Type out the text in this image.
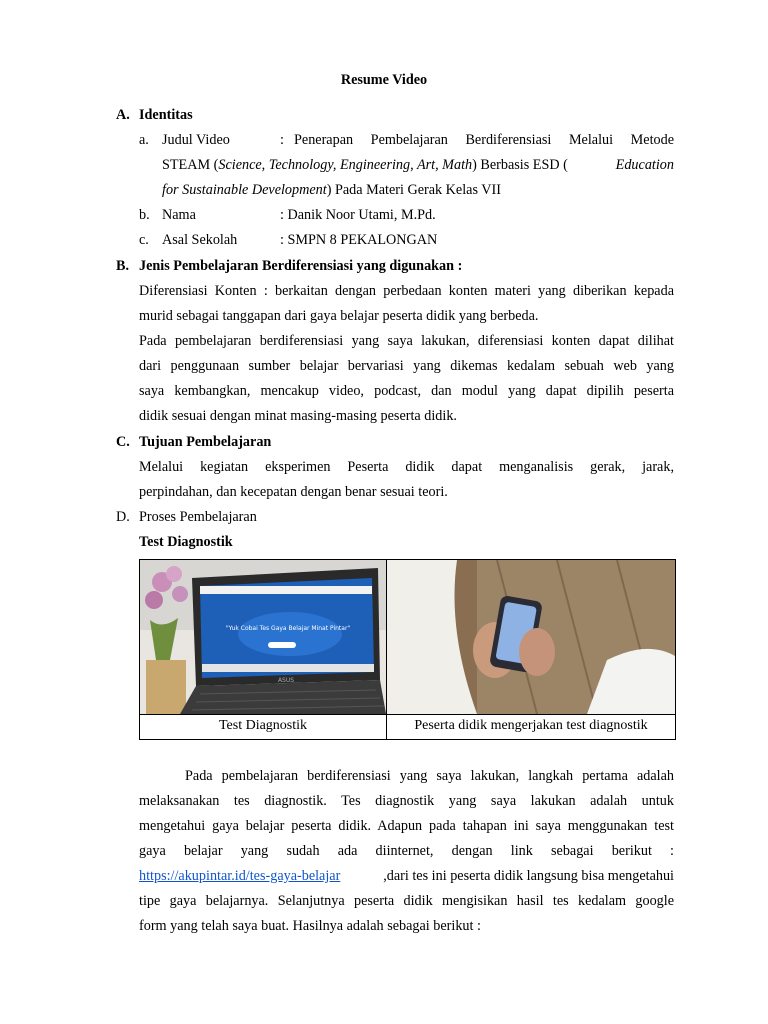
Resume Video
A. Identitas
a. Judul Video	: Penerapan Pembelajaran Berdiferensiasi Melalui Metode
STEAM (Science, Technology, Engineering, Art, Math) Berbasis ESD (	Education
for Sustainable Development) Pada Materi Gerak Kelas VII
b. Nama	: Danik Noor Utami, M.Pd.
c. Asal Sekolah	: SMPN 8 PEKALONGAN
B. Jenis Pembelajaran Berdiferensiasi yang digunakan :
Diferensiasi Konten : berkaitan dengan perbedaan konten materi yang diberikan kepada
murid sebagai tanggapan dari gaya belajar peserta didik yang berbeda.
Pada pembelajaran berdiferensiasi yang saya lakukan, diferensiasi konten dapat dilihat
dari penggunaan sumber belajar bervariasi yang dikemas kedalam sebuah web yang
saya kembangkan, mencakup video, podcast, dan modul yang dapat dipilih peserta
didik sesuai dengan minat masing-masing peserta didik.
C. Tujuan Pembelajaran
Melalui kegiatan eksperimen Peserta didik dapat menganalisis gerak, jarak,
perpindahan, dan kecepatan dengan benar sesuai teori.
D. Proses Pembelajaran
Test Diagnostik
"Yuk Cobai Tes Gaya Belajar Minat Pintar"
ASUS

Test Diagnostik	Peserta didik mengerjakan test diagnostik
Pada pembelajaran berdiferensiasi yang saya lakukan, langkah pertama adalah
melaksanakan tes diagnostik. Tes diagnostik yang saya lakukan adalah untuk
mengetahui gaya belajar peserta didik. Adapun pada tahapan ini saya menggunakan test
gaya belajar yang sudah ada diinternet, dengan link sebagai berikut :
https://akupintar.id/tes-gaya-belajar	,dari tes ini peserta didik langsung bisa mengetahui
tipe gaya belajarnya. Selanjutnya peserta didik mengisikan hasil tes kedalam google
form yang telah saya buat. Hasilnya adalah sebagai berikut :
